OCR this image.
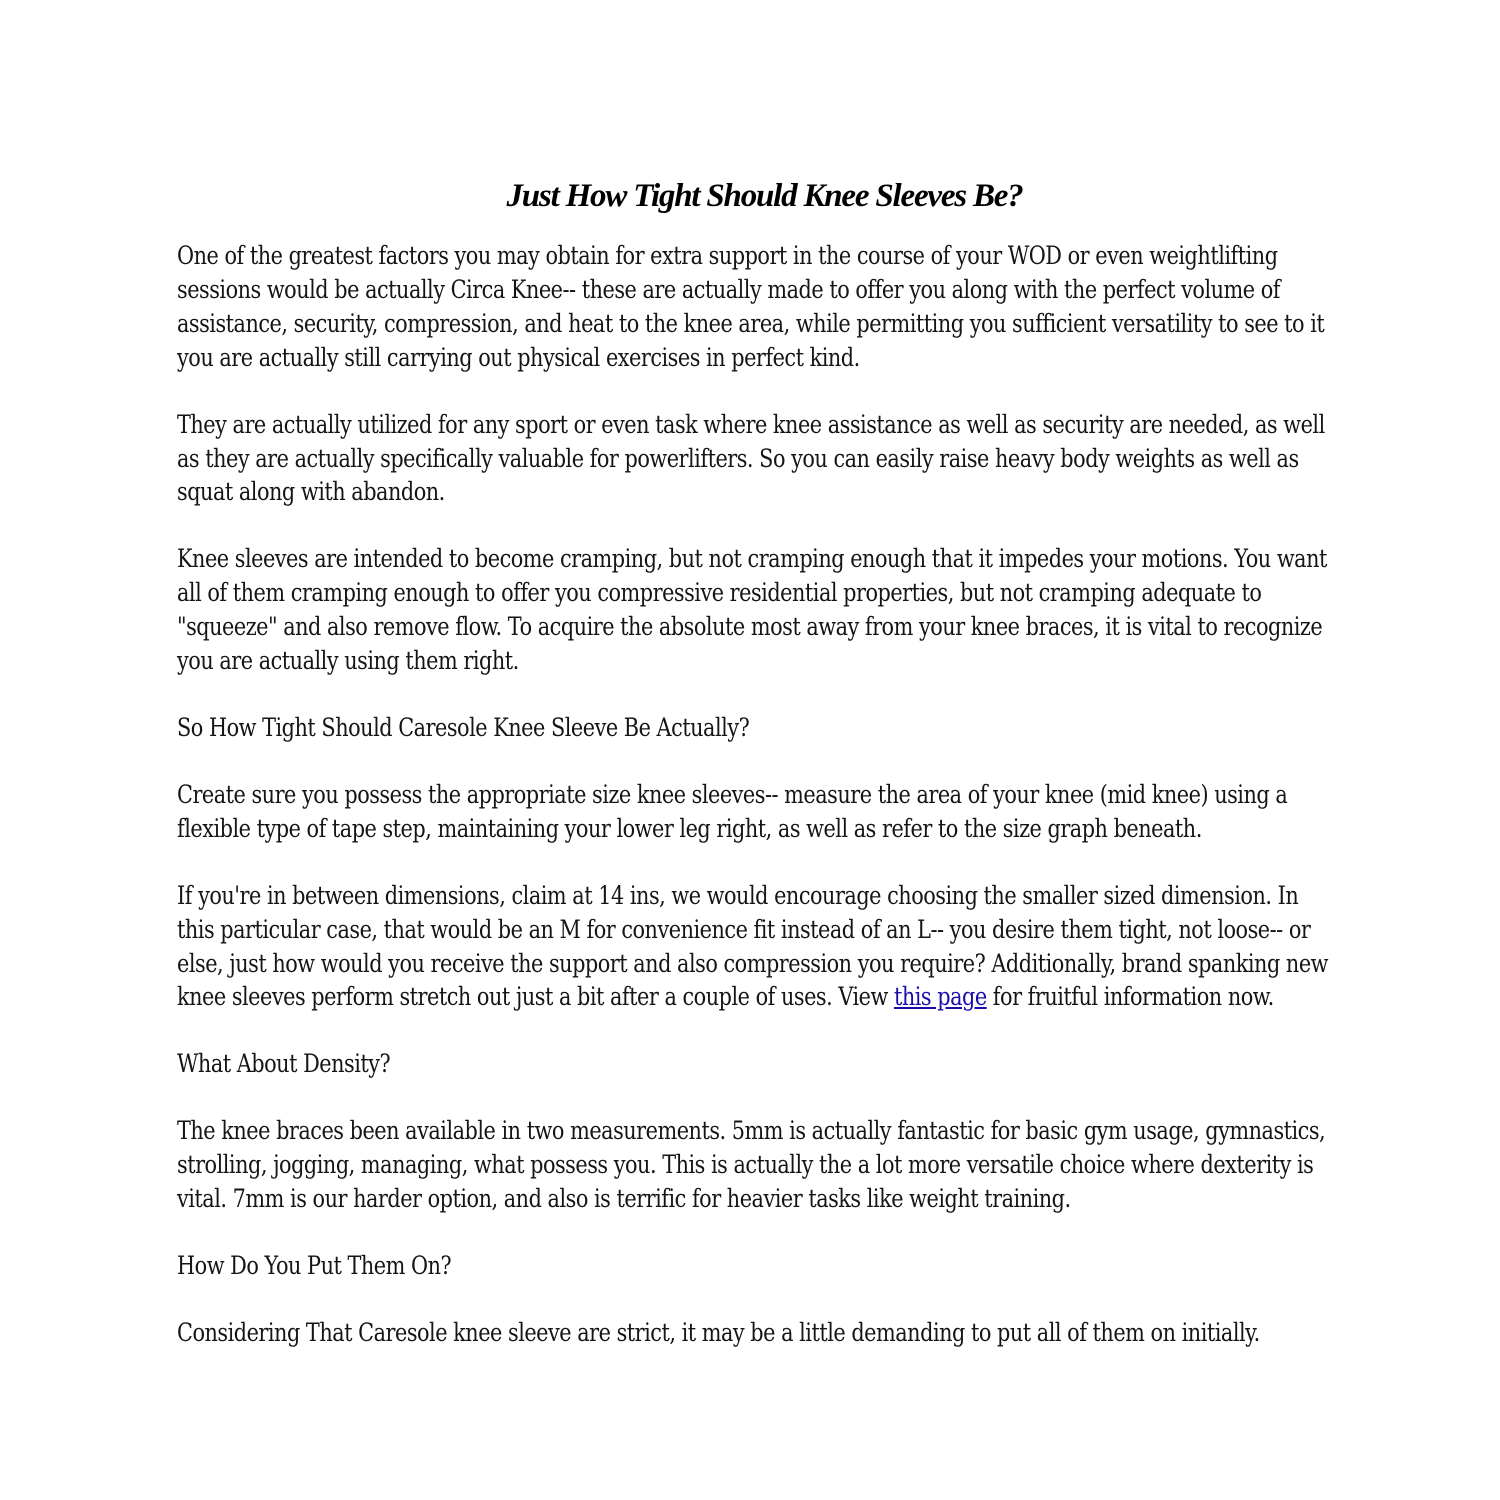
Just How Tight Should Knee Sleeves Be?

One of the greatest factors you may obtain for extra support in the course of your WOD or even weightlifting sessions would be actually Circa Knee-- these are actually made to offer you along with the perfect volume of assistance, security, compression, and heat to the knee area, while permitting you sufficient versatility to see to it you are actually still carrying out physical exercises in perfect kind.

They are actually utilized for any sport or even task where knee assistance as well as security are needed, as well as they are actually specifically valuable for powerlifters. So you can easily raise heavy body weights as well as squat along with abandon.

Knee sleeves are intended to become cramping, but not cramping enough that it impedes your motions. You want all of them cramping enough to offer you compressive residential properties, but not cramping adequate to "squeeze" and also remove flow. To acquire the absolute most away from your knee braces, it is vital to recognize you are actually using them right.

So How Tight Should Caresole Knee Sleeve Be Actually?

Create sure you possess the appropriate size knee sleeves-- measure the area of your knee (mid knee) using a flexible type of tape step, maintaining your lower leg right, as well as refer to the size graph beneath.

If you're in between dimensions, claim at 14 ins, we would encourage choosing the smaller sized dimension. In this particular case, that would be an M for convenience fit instead of an L-- you desire them tight, not loose-- or else, just how would you receive the support and also compression you require? Additionally, brand spanking new knee sleeves perform stretch out just a bit after a couple of uses. View this page for fruitful information now.

What About Density?

The knee braces been available in two measurements. 5mm is actually fantastic for basic gym usage, gymnastics, strolling, jogging, managing, what possess you. This is actually the a lot more versatile choice where dexterity is vital. 7mm is our harder option, and also is terrific for heavier tasks like weight training.

How Do You Put Them On?

Considering That Caresole knee sleeve are strict, it may be a little demanding to put all of them on initially.
